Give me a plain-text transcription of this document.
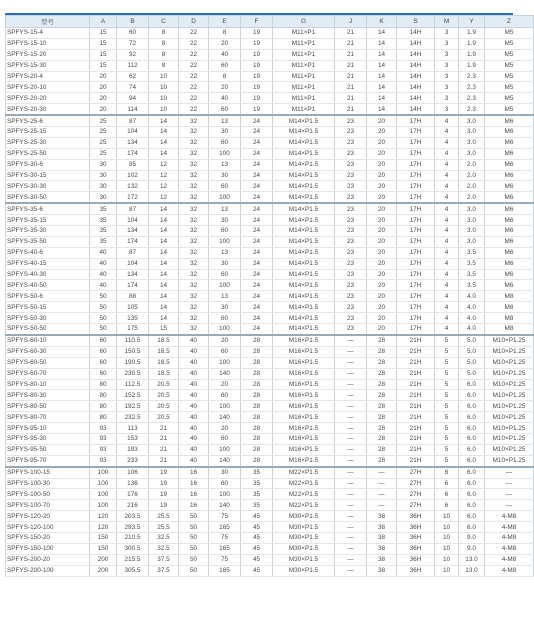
型号	A	B	C	D	E	F	G	J	K	S	M	Y	Z
SPFYS-15-4	15	60	8	22	8	19	M11×P1	21	14	14H	3	1.9	M5
SPFYS-15-10	15	72	8	22	20	19	M11×P1	21	14	14H	3	1.9	M5
SPFYS-15-20	15	92	8	22	40	19	M11×P1	21	14	14H	3	1.9	M5
SPFYS-15-30	15	112	8	22	60	19	M11×P1	21	14	14H	3	1.9	M5
SPFYS-20-4	20	62	10	22	8	19	M11×P1	21	14	14H	3	2.3	M5
SPFYS-20-10	20	74	10	22	20	19	M11×P1	21	14	14H	3	2.3	M5
SPFYS-20-20	20	94	10	22	40	19	M11×P1	21	14	14H	3	2.3	M5
SPFYS-20-30	20	114	10	22	60	19	M11×P1	21	14	14H	3	2.3	M5
SPFYS-25-6	25	87	14	32	13	24	M14×P1.5	23	20	17H	4	3.0	M6
SPFYS-25-15	25	104	14	32	30	24	M14×P1.5	23	20	17H	4	3.0	M6
SPFYS-25-30	25	134	14	32	60	24	M14×P1.5	23	20	17H	4	3.0	M6
SPFYS-25-50	25	174	14	32	100	24	M14×P1.5	23	20	17H	4	3.0	M6
SPFYS-30-6	30	85	12	32	13	24	M14×P1.5	23	20	17H	4	2.0	M6
SPFYS-30-15	30	102	12	32	30	24	M14×P1.5	23	20	17H	4	2.0	M6
SPFYS-30-30	30	132	12	32	60	24	M14×P1.5	23	20	17H	4	2.0	M6
SPFYS-30-50	30	172	12	32	100	24	M14×P1.5	23	20	17H	4	2.0	M6
SPFYS-35-6	35	87	14	32	13	24	M14×P1.5	23	20	17H	4	3.0	M6
SPFYS-35-15	35	104	14	32	30	24	M14×P1.5	23	20	17H	4	3.0	M6
SPFYS-35-30	35	134	14	32	60	24	M14×P1.5	23	20	17H	4	3.0	M6
SPFYS-35-50	35	174	14	32	100	24	M14×P1.5	23	20	17H	4	3.0	M6
SPFYS-40-6	40	87	14	32	13	24	M14×P1.5	23	20	17H	4	3.5	M6
SPFYS-40-15	40	104	14	32	30	24	M14×P1.5	23	20	17H	4	3.5	M6
SPFYS-40-30	40	134	14	32	60	24	M14×P1.5	23	20	17H	4	3.5	M6
SPFYS-40-50	40	174	14	32	100	24	M14×P1.5	23	20	17H	4	3.5	M6
SPFYS-50-6	50	88	14	32	13	24	M14×P1.5	23	20	17H	4	4.0	M8
SPFYS-50-15	50	105	14	32	30	24	M14×P1.5	23	20	17H	4	4.0	M8
SPFYS-50-30	50	135	14	32	60	24	M14×P1.5	23	20	17H	4	4.0	M8
SPFYS-50-50	50	175	15	32	100	24	M14×P1.5	23	20	17H	4	4.0	M8
SPFYS-60-10	60	110.5	18.5	40	20	28	M16×P1.5	—	28	21H	5	5.0	M10×P1.25
SPFYS-60-30	60	150.5	18.5	40	60	28	M16×P1.5	—	28	21H	5	5.0	M10×P1.25
SPFYS-60-50	60	190.5	18.5	40	100	28	M16×P1.5	—	28	21H	5	5.0	M10×P1.25
SPFYS-60-70	60	230.5	18.5	40	140	28	M16×P1.5	—	28	21H	5	5.0	M10×P1.25
SPFYS-80-10	80	112.5	20.5	40	20	28	M16×P1.5	—	28	21H	5	6.0	M10×P1.25
SPFYS-80-30	80	152.5	20.5	40	60	28	M16×P1.5	—	28	21H	5	6.0	M10×P1.25
SPFYS-80-50	80	192.5	20.5	40	100	28	M16×P1.5	—	28	21H	5	6.0	M10×P1.25
SPFYS-80-70	80	232.5	20.5	40	140	28	M16×P1.5	—	28	21H	5	6.0	M10×P1.25
SPFYS-95-10	93	113	21	40	20	28	M16×P1.5	—	28	21H	5	6.0	M10×P1.25
SPFYS-95-30	93	153	21	40	60	28	M16×P1.5	—	28	21H	5	6.0	M10×P1.25
SPFYS-95-50	93	193	21	40	100	28	M16×P1.5	—	28	21H	5	6.0	M10×P1.25
SPFYS-95-70	93	233	21	40	140	28	M16×P1.5	—	28	21H	5	6.0	M10×P1.25
SPFYS-100-15	100	106	19	16	30	35	M22×P1.5	—	—	27H	6	6.0	—
SPFYS-100-30	100	136	19	16	60	35	M22×P1.5	—	—	27H	6	6.0	—
SPFYS-100-50	100	176	19	16	100	35	M22×P1.5	—	—	27H	6	6.0	—
SPFYS-100-70	100	216	19	16	140	35	M22×P1.5	—	—	27H	6	6.0	—
SPFYS-120-20	120	203.5	25.5	50	75	45	M30×P1.5	—	38	36H	10	6.0	4-M8
SPFYS-120-100	120	293.5	25.5	50	165	45	M30×P1.5	—	38	36H	10	6.0	4-M8
SPFYS-150-20	150	210.5	32.5	50	75	45	M30×P1.5	—	38	36H	10	9.0	4-M8
SPFYS-150-100	150	300.5	32.5	50	165	45	M30×P1.5	—	38	36H	10	9.0	4-M8
SPFYS-200-20	200	215.5	37.5	50	75	45	M30×P1.5	—	38	36H	10	13.0	4-M8
SPFYS-200-100	200	305.5	37.5	50	165	45	M30×P1.5	—	38	36H	10	13.0	4-M8
